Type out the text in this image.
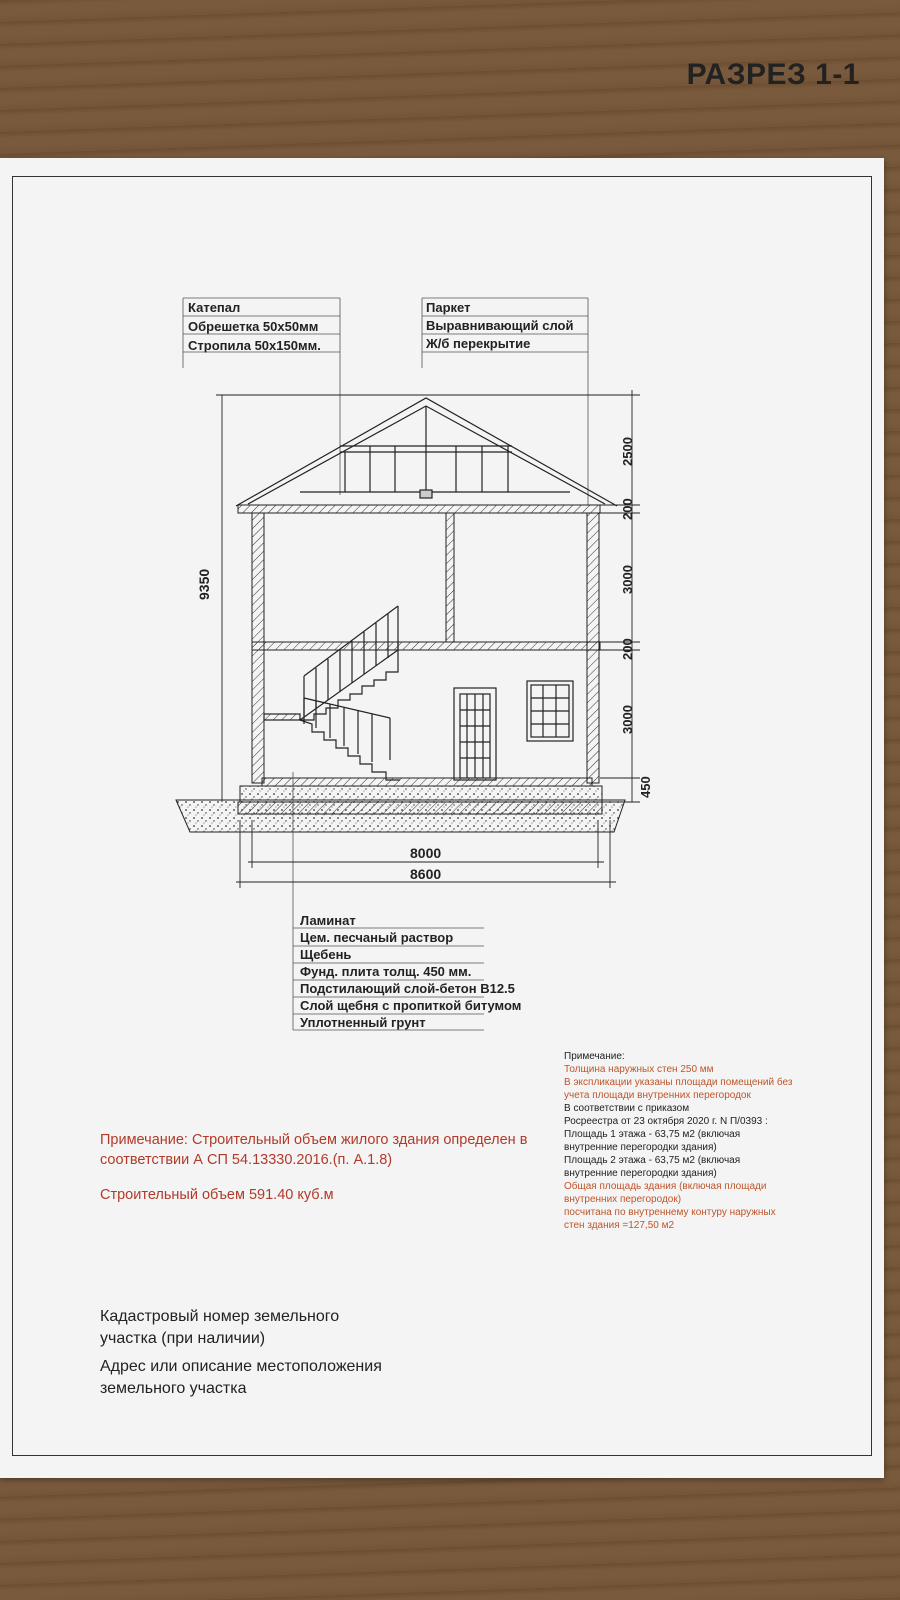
РАЗРЕЗ 1-1
Катепал
Обрешетка 50х50мм
Стропила 50х150мм.
Паркет
Выравнивающий слой
Ж/б перекрытие
9350
2500
200
3000
200
3000
450
8000
8600
Ламинат
Цем. песчаный раствор
Щебень
Фунд. плита толщ. 450 мм.
Подстилающий слой-бетон В12.5
Слой щебня с пропиткой битумом
Уплотненный грунт
Примечание:
Толщина наружных стен 250 мм
В экспликации указаны площади помещений без учета площади внутренних перегородок
В соответствии с приказом
Росреестра от 23 октября 2020 г. N П/0393 :
Площадь 1 этажа - 63,75 м2 (включая внутренние перегородки здания)
Площадь 2 этажа - 63,75 м2 (включая внутренние перегородки здания)
Общая площадь здания (включая площади внутренних перегородок)
посчитана по внутреннему контуру наружных стен здания =127,50 м2
Примечание: Строительный объем жилого здания определен в соответствии А СП 54.13330.2016.(п. А.1.8)
Строительный объем 591.40 куб.м
Кадастровый номер земельного участка (при наличии)
Адрес или описание местоположения земельного участка
